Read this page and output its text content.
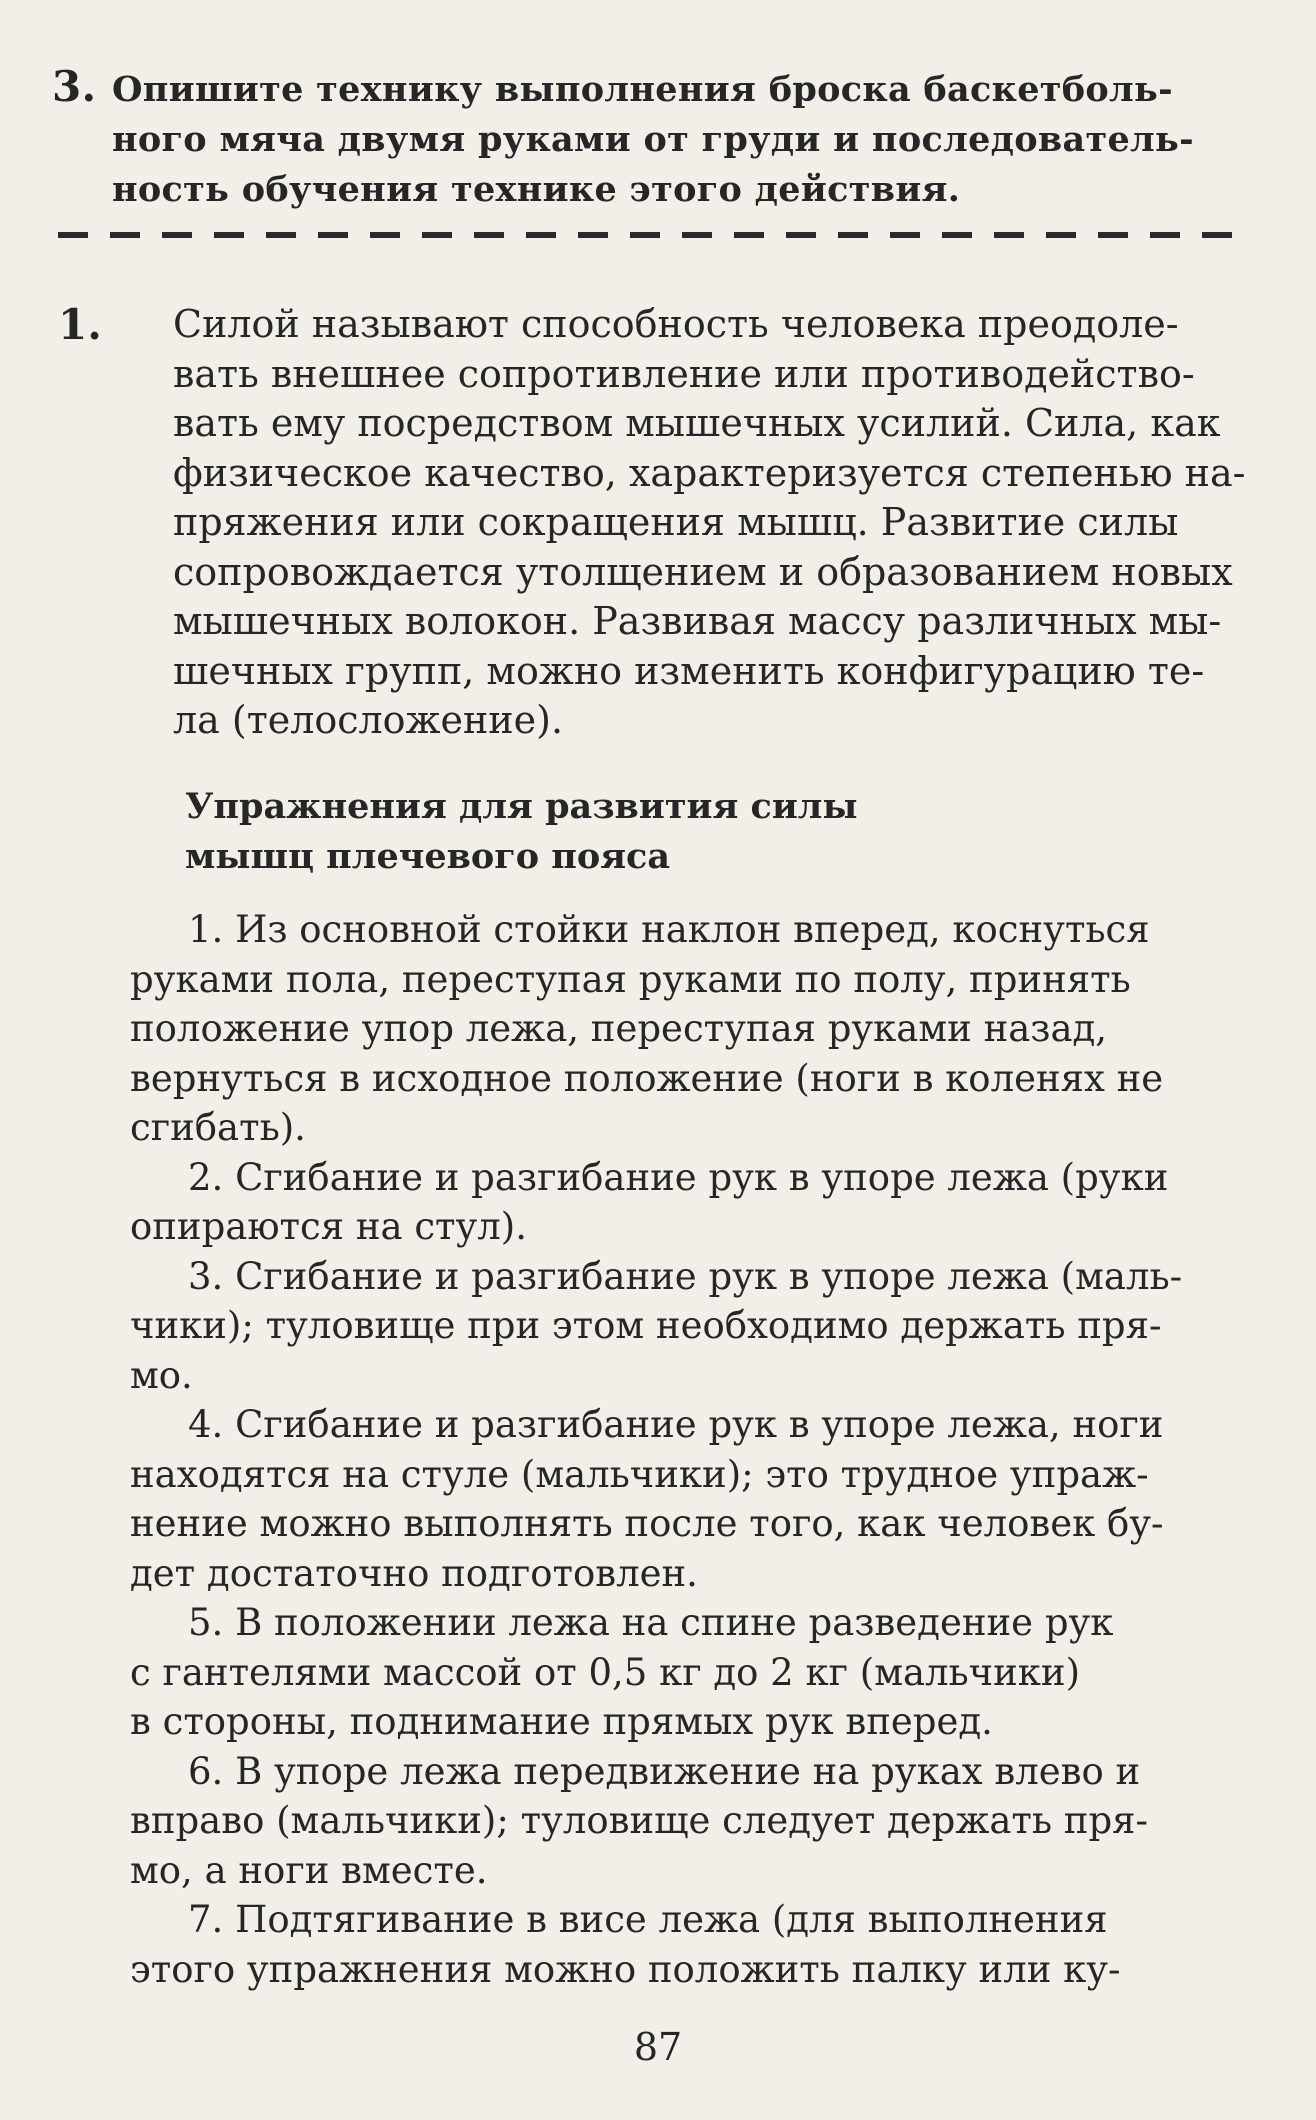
3. Опишите технику выполнения броска баскетболь-
ного мяча двумя руками от груди и последователь-
ность обучения технике этого действия.
1.	Силой называют способность человека преодоле-
вать внешнее сопротивление или противодейство-
вать ему посредством мышечных усилий. Сила, как
физическое качество, характеризуется степенью на-
пряжения или сокращения мышц. Развитие силы
сопровождается утолщением и образованием новых
мышечных волокон. Развивая массу различных мы-
шечных групп, можно изменить конфигурацию те-
ла (телосложение).
Упражнения для развития силы
мышц плечевого пояса
1. Из основной стойки наклон вперед, коснуться
руками пола, переступая руками по полу, принять
положение упор лежа, переступая руками назад,
вернуться в исходное положение (ноги в коленях не
сгибать).
2. Сгибание и разгибание рук в упоре лежа (руки
опираются на стул).
3. Сгибание и разгибание рук в упоре лежа (маль-
чики); туловище при этом необходимо держать пря-
мо.
4. Сгибание и разгибание рук в упоре лежа, ноги
находятся на стуле (мальчики); это трудное упраж-
нение можно выполнять после того, как человек бу-
дет достаточно подготовлен.
5. В положении лежа на спине разведение рук
с гантелями массой от 0,5 кг до 2 кг (мальчики)
в стороны, поднимание прямых рук вперед.
6. В упоре лежа передвижение на руках влево и
вправо (мальчики); туловище следует держать пря-
мо, а ноги вместе.
7. Подтягивание в висе лежа (для выполнения
этого упражнения можно положить палку или ку-
87
